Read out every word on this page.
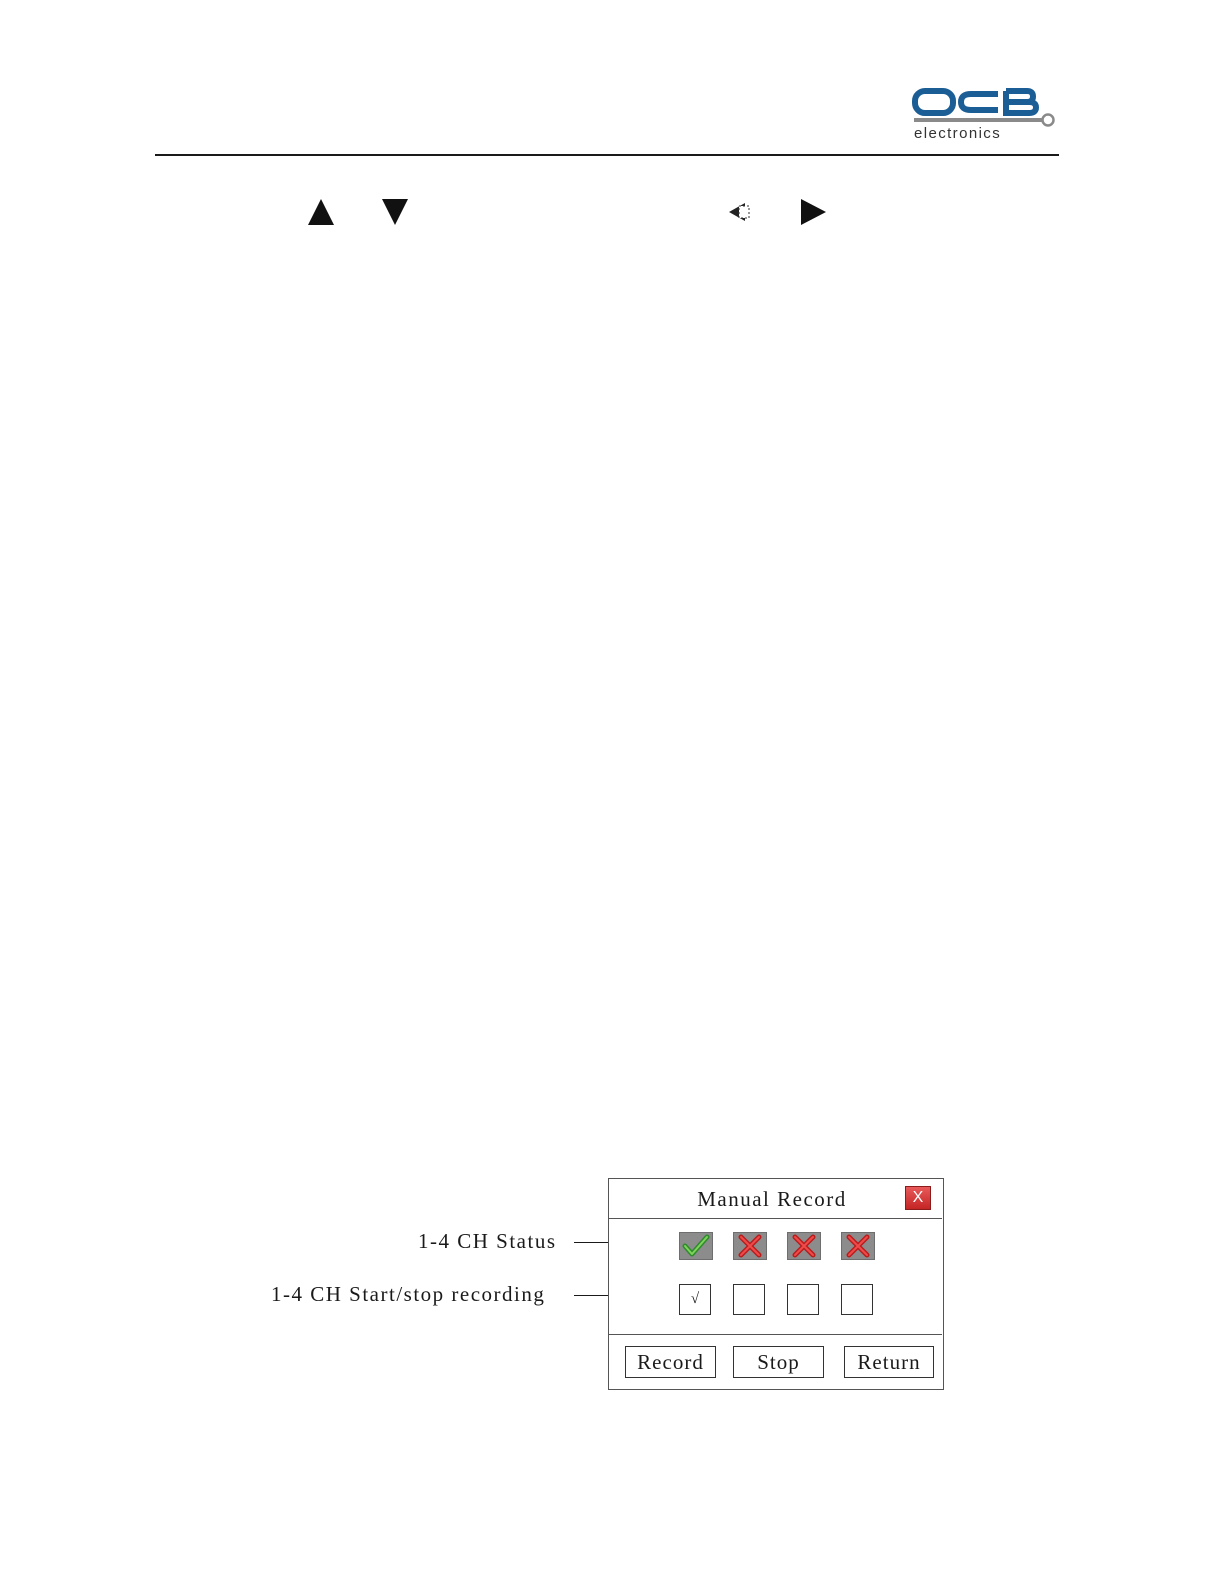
electronics
1-4 CH Status
1-4 CH Start/stop recording
Manual Record	X
√
Record	Stop	Return
